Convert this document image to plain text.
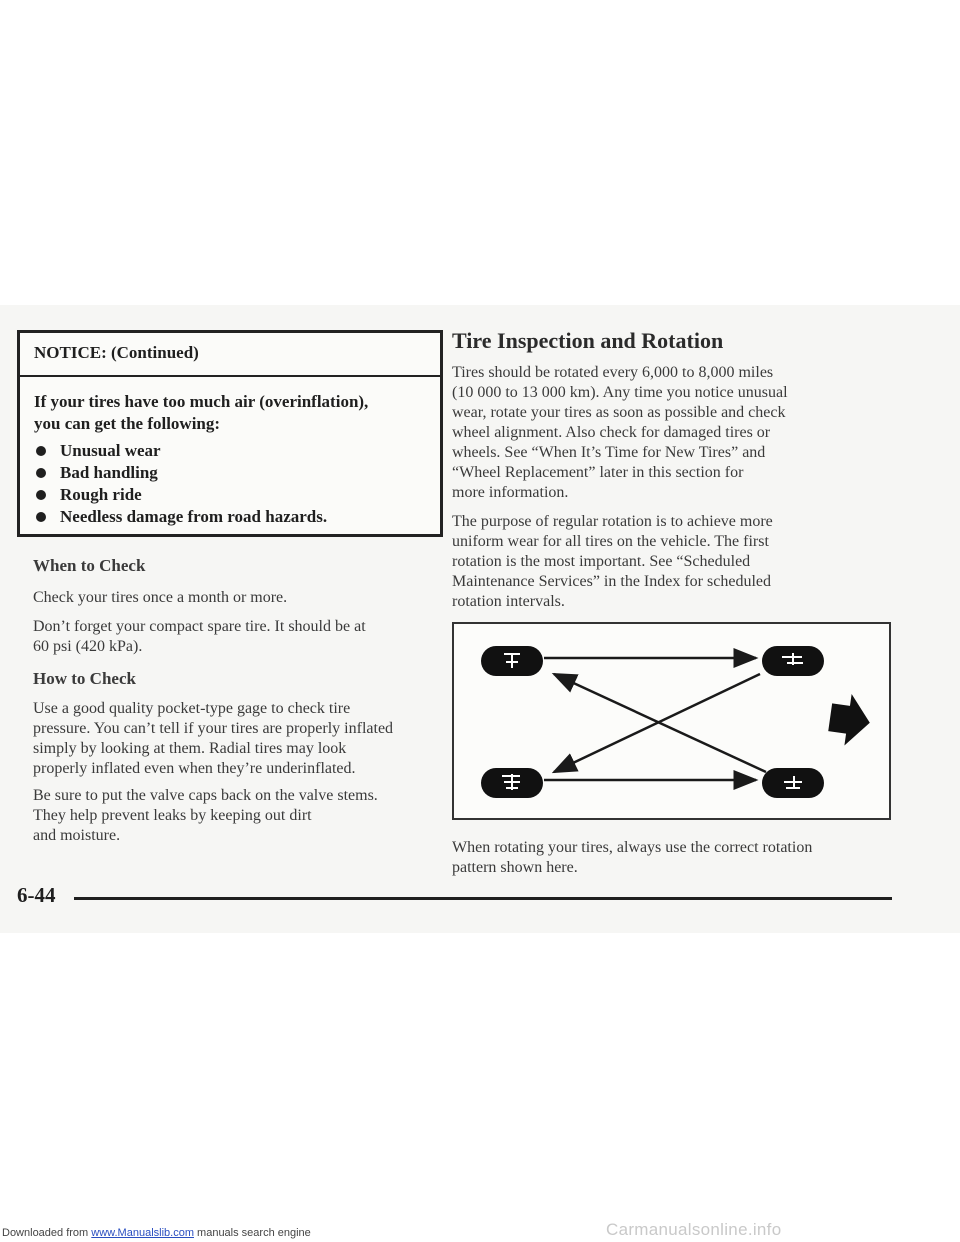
NOTICE: (Continued)

If your tires have too much air (overinflation),

you can get the following:

Unusual wear
Bad handling
Rough ride
Needless damage from road hazards.
When to Check

Check your tires once a month or more.

Don’t forget your compact spare tire. It should be at
60 psi (420 kPa).
How to Check
Use a good quality pocket-type gage to check tire
pressure. You can’t tell if your tires are properly inflated
simply by looking at them. Radial tires may look
properly inflated even when they’re underinflated.
Be sure to put the valve caps back on the valve stems.
They help prevent leaks by keeping out dirt
and moisture.
Tire Inspection and Rotation
Tires should be rotated every 6,000 to 8,000 miles
(10 000 to 13 000 km). Any time you notice unusual
wear, rotate your tires as soon as possible and check
wheel alignment. Also check for damaged tires or
wheels. See “When It’s Time for New Tires” and
“Wheel Replacement” later in this section for
more information.
The purpose of regular rotation is to achieve more
uniform wear for all tires on the vehicle. The first
rotation is the most important. See “Scheduled
Maintenance Services” in the Index for scheduled
rotation intervals.
When rotating your tires, always use the correct rotation
pattern shown here.

6-44

Downloaded from www.Manualslib.com manuals search engine	Carmanualsonline.info
